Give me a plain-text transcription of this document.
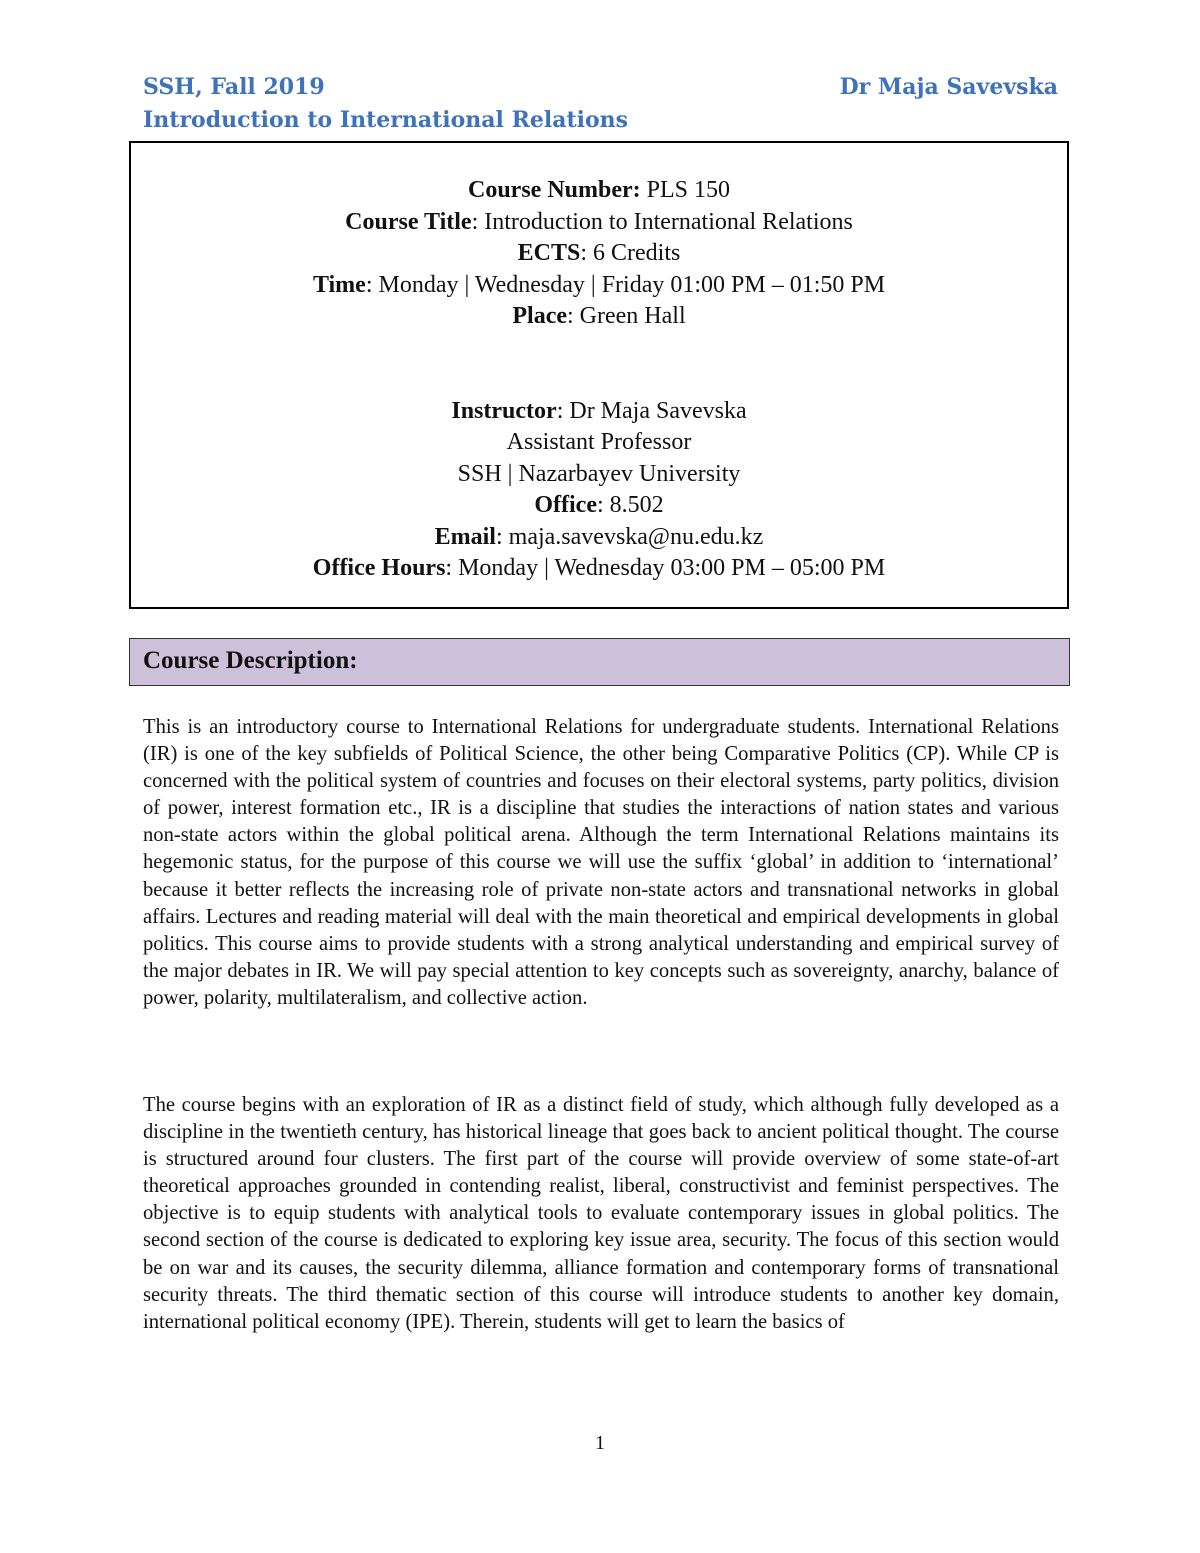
SSH, Fall 2019
Introduction to International Relations
Dr Maja Savevska
Course Number: PLS 150
Course Title: Introduction to International Relations
ECTS: 6 Credits
Time: Monday | Wednesday | Friday 01:00 PM – 01:50 PM
Place: Green Hall
Instructor: Dr Maja Savevska
Assistant Professor
SSH | Nazarbayev University
Office: 8.502
Email: maja.savevska@nu.edu.kz
Office Hours: Monday | Wednesday 03:00 PM – 05:00 PM
Course Description:
This is an introductory course to International Relations for undergraduate students. International Relations (IR) is one of the key subfields of Political Science, the other being Comparative Politics (CP). While CP is concerned with the political system of countries and focuses on their electoral systems, party politics, division of power, interest formation etc., IR is a discipline that studies the interactions of nation states and various non-state actors within the global political arena. Although the term International Relations maintains its hegemonic status, for the purpose of this course we will use the suffix ‘global’ in addition to ‘international’ because it better reflects the increasing role of private non-state actors and transnational networks in global affairs. Lectures and reading material will deal with the main theoretical and empirical developments in global politics. This course aims to provide students with a strong analytical understanding and empirical survey of the major debates in IR. We will pay special attention to key concepts such as sovereignty, anarchy, balance of power, polarity, multilateralism, and collective action.
The course begins with an exploration of IR as a distinct field of study, which although fully developed as a discipline in the twentieth century, has historical lineage that goes back to ancient political thought. The course is structured around four clusters. The first part of the course will provide overview of some state-of-art theoretical approaches grounded in contending realist, liberal, constructivist and feminist perspectives. The objective is to equip students with analytical tools to evaluate contemporary issues in global politics. The second section of the course is dedicated to exploring key issue area, security. The focus of this section would be on war and its causes, the security dilemma, alliance formation and contemporary forms of transnational security threats. The third thematic section of this course will introduce students to another key domain, international political economy (IPE). Therein, students will get to learn the basics of
1
